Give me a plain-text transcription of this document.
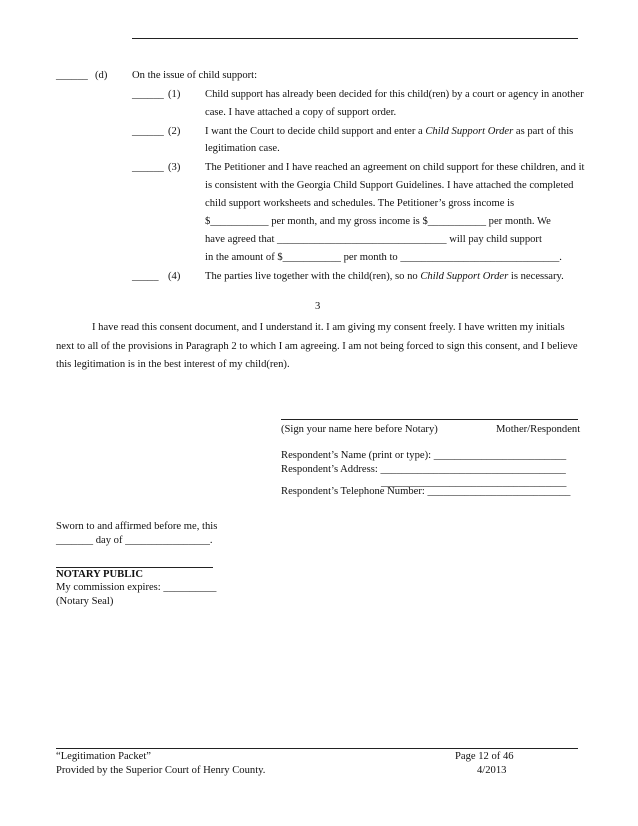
______ (d) On the issue of child support:
______ (1) Child support has already been decided for this child(ren) by a court or agency in another
case. I have attached a copy of support order.
______ (2) I want the Court to decide child support and enter a Child Support Order as part of this
legitimation case.
______ (3) The Petitioner and I have reached an agreement on child support for these children, and it
is consistent with the Georgia Child Support Guidelines. I have attached the completed
child support worksheets and schedules. The Petitioner’s gross income is
$___________ per month, and my gross income is $___________ per month. We
have agreed that ________________________________ will pay child support
in the amount of $___________ per month to ______________________________.
_____ (4) The parties live together with the child(ren), so no Child Support Order is necessary.
3
I have read this consent document, and I understand it. I am giving my consent freely. I have written my initials
next to all of the provisions in Paragraph 2 to which I am agreeing. I am not being forced to sign this consent, and I believe
this legitimation is in the best interest of my child(ren).
(Sign your name here before Notary)	Mother/Respondent
Respondent’s Name (print or type): _________________________
Respondent’s Address: ___________________________________
___________________________________
Respondent’s Telephone Number: ___________________________
Sworn to and affirmed before me, this
_______ day of ________________.
NOTARY PUBLIC
My commission expires: __________
(Notary Seal)
“Legitimation Packet”
Provided by the Superior Court of Henry County.
Page 12 of 46
4/2013
